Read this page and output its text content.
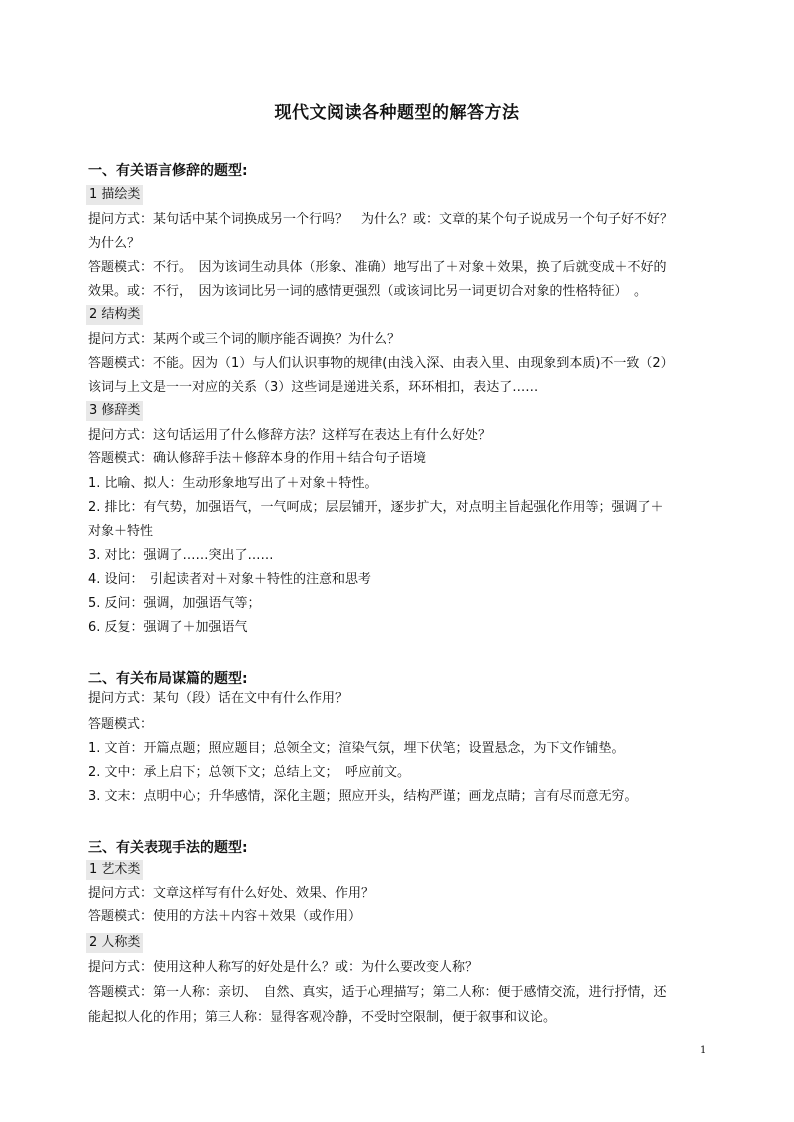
现代文阅读各种题型的解答方法
一、有关语言修辞的题型:
1 描绘类
提问方式：某句话中某个词换成另一个行吗？　为什么？或：文章的某个句子说成另一个句子好不好？
为什么？
答题模式：不行。　因为该词生动具体（形象、准确）地写出了＋对象＋效果，换了后就变成＋不好的
效果。或：不行，　因为该词比另一词的感情更强烈（或该词比另一词更切合对象的性格特征）　。
2 结构类
提问方式：某两个或三个词的顺序能否调换？为什么？
答题模式：不能。因为（1）与人们认识事物的规律(由浅入深、由表入里、由现象到本质)不一致（2）
该词与上文是一一对应的关系（3）这些词是递进关系，环环相扣，表达了……
3 修辞类
提问方式：这句话运用了什么修辞方法？这样写在表达上有什么好处？
答题模式：确认修辞手法＋修辞本身的作用＋结合句子语境
1. 比喻、拟人：生动形象地写出了＋对象＋特性。
2. 排比：有气势，加强语气，一气呵成；层层铺开，逐步扩大，对点明主旨起强化作用等；强调了＋
对象＋特性
3. 对比：强调了……突出了……
4. 设问：　引起读者对＋对象＋特性的注意和思考
5. 反问：强调，加强语气等；
6. 反复：强调了＋加强语气
二、有关布局谋篇的题型:
提问方式：某句（段）话在文中有什么作用？
答题模式：
1. 文首：开篇点题；照应题目；总领全文；渲染气氛，埋下伏笔；设置悬念，为下文作铺垫。
2. 文中：承上启下；总领下文；总结上文；　呼应前文。
3. 文末：点明中心；升华感情，深化主题；照应开头，结构严谨；画龙点睛；言有尽而意无穷。
三、有关表现手法的题型:
1 艺术类
提问方式：文章这样写有什么好处、效果、作用？
答题模式：使用的方法＋内容＋效果（或作用）
2 人称类
提问方式：使用这种人称写的好处是什么？或：为什么要改变人称？
答题模式：第一人称：亲切、　自然、真实，适于心理描写；第二人称：便于感情交流，进行抒情，还
能起拟人化的作用；第三人称：显得客观冷静，不受时空限制，便于叙事和议论。
1
